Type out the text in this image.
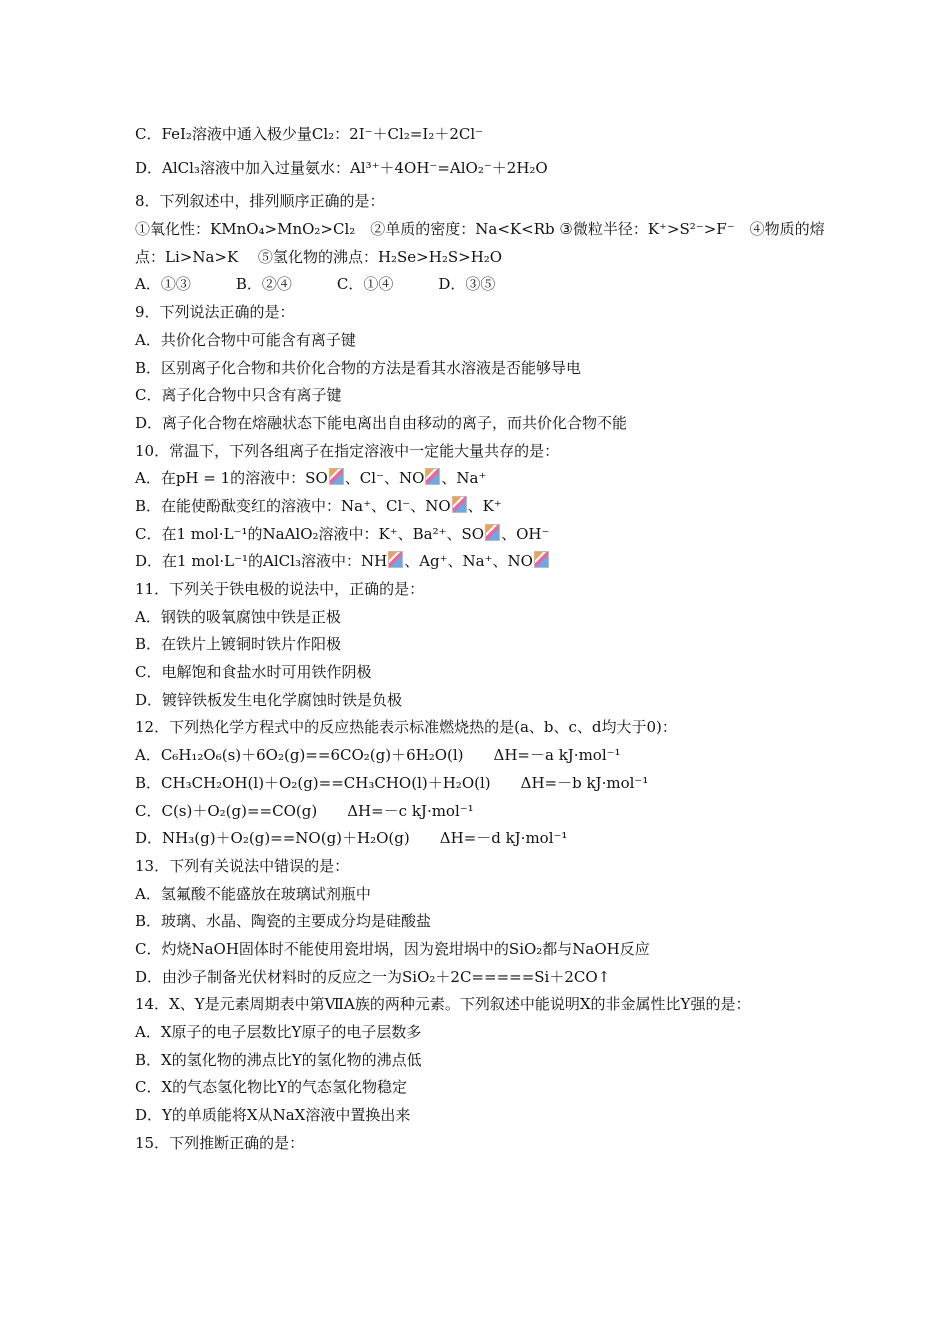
C．FeI₂溶液中通入极少量Cl₂：2I⁻＋Cl₂=I₂＋2Cl⁻
D．AlCl₃溶液中加入过量氨水：Al³⁺＋4OH⁻=AlO₂⁻＋2H₂O
8．下列叙述中，排列顺序正确的是：
①氧化性：KMnO₄>MnO₂>Cl₂　②单质的密度：Na<K<Rb ③微粒半径：K⁺>S²⁻>F⁻　④物质的熔
点：Li>Na>K　 ⑤氢化物的沸点：H₂Se>H₂S>H₂O
A．①③　　　B．②④　　　C．①④　　　D．③⑤
9．下列说法正确的是：
A．共价化合物中可能含有离子键
B．区别离子化合物和共价化合物的方法是看其水溶液是否能够导电
C．离子化合物中只含有离子键
D．离子化合物在熔融状态下能电离出自由移动的离子，而共价化合物不能
10．常温下，下列各组离子在指定溶液中一定能大量共存的是：
A．在pH = 1的溶液中：SO 、Cl⁻、NO 、Na⁺
B．在能使酚酞变红的溶液中：Na⁺、Cl⁻、NO 、K⁺
C．在1 mol·L⁻¹的NaAlO₂溶液中：K⁺、Ba²⁺、SO 、OH⁻
D．在1 mol·L⁻¹的AlCl₃溶液中：NH 、Ag⁺、Na⁺、NO
11．下列关于铁电极的说法中，正确的是：
A．钢铁的吸氧腐蚀中铁是正极
B．在铁片上镀铜时铁片作阳极
C．电解饱和食盐水时可用铁作阴极
D．镀锌铁板发生电化学腐蚀时铁是负极
12．下列热化学方程式中的反应热能表示标准燃烧热的是(a、b、c、d均大于0)：
A．C₆H₁₂O₆(s)＋6O₂(g)==6CO₂(g)＋6H₂O(l)　　ΔH=－a kJ·mol⁻¹
B．CH₃CH₂OH(l)＋O₂(g)==CH₃CHO(l)＋H₂O(l)　　ΔH=－b kJ·mol⁻¹
C．C(s)＋O₂(g)==CO(g)　　ΔH=－c kJ·mol⁻¹
D．NH₃(g)＋O₂(g)==NO(g)＋H₂O(g)　　ΔH=－d kJ·mol⁻¹
13．下列有关说法中错误的是：
A．氢氟酸不能盛放在玻璃试剂瓶中
B．玻璃、水晶、陶瓷的主要成分均是硅酸盐
C．灼烧NaOH固体时不能使用瓷坩埚，因为瓷坩埚中的SiO₂都与NaOH反应
D．由沙子制备光伏材料时的反应之一为SiO₂＋2C=====Si＋2CO↑
14．X、Y是元素周期表中第ⅦA族的两种元素。下列叙述中能说明X的非金属性比Y强的是：
A．X原子的电子层数比Y原子的电子层数多
B．X的氢化物的沸点比Y的氢化物的沸点低
C．X的气态氢化物比Y的气态氢化物稳定
D．Y的单质能将X从NaX溶液中置换出来
15．下列推断正确的是：
